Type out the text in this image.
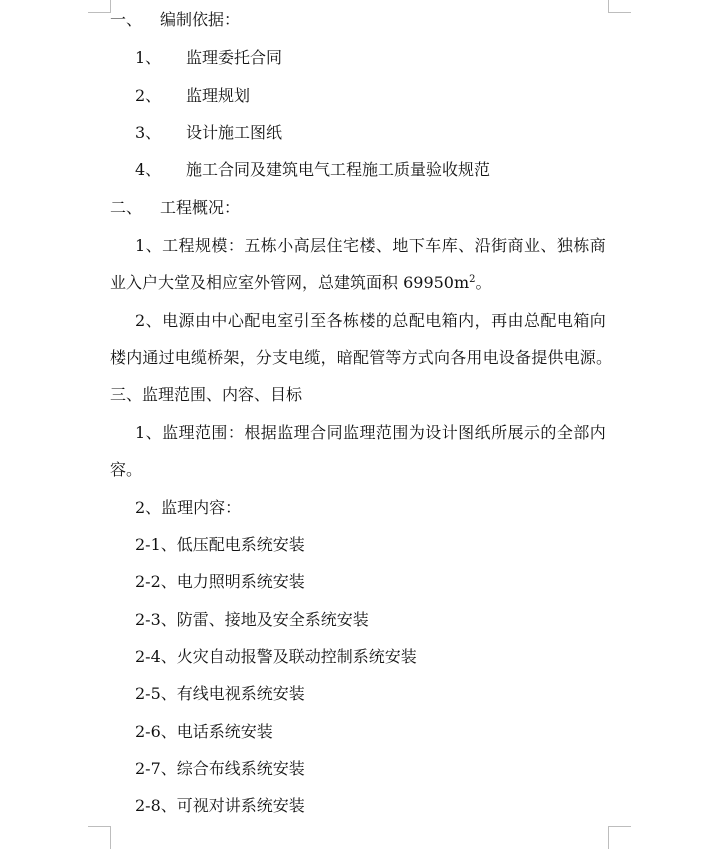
一、 编制依据：
1、 监理委托合同
2、 监理规划
3、 设计施工图纸
4、 施工合同及建筑电气工程施工质量验收规范
二、 工程概况：
1、工程规模：五栋小高层住宅楼、地下车库、沿街商业、独栋商
业入户大堂及相应室外管网，总建筑面积 $69950m^2$。
2、电源由中心配电室引至各栋楼的总配电箱内，再由总配电箱向
楼内通过电缆桥架，分支电缆，暗配管等方式向各用电设备提供电源。
三、监理范围、内容、目标
1、监理范围：根据监理合同监理范围为设计图纸所展示的全部内
容。
2、监理内容：
2-1、低压配电系统安装
2-2、电力照明系统安装
2-3、防雷、接地及安全系统安装
2-4、火灾自动报警及联动控制系统安装
2-5、有线电视系统安装
2-6、电话系统安装
2-7、综合布线系统安装
2-8、可视对讲系统安装
